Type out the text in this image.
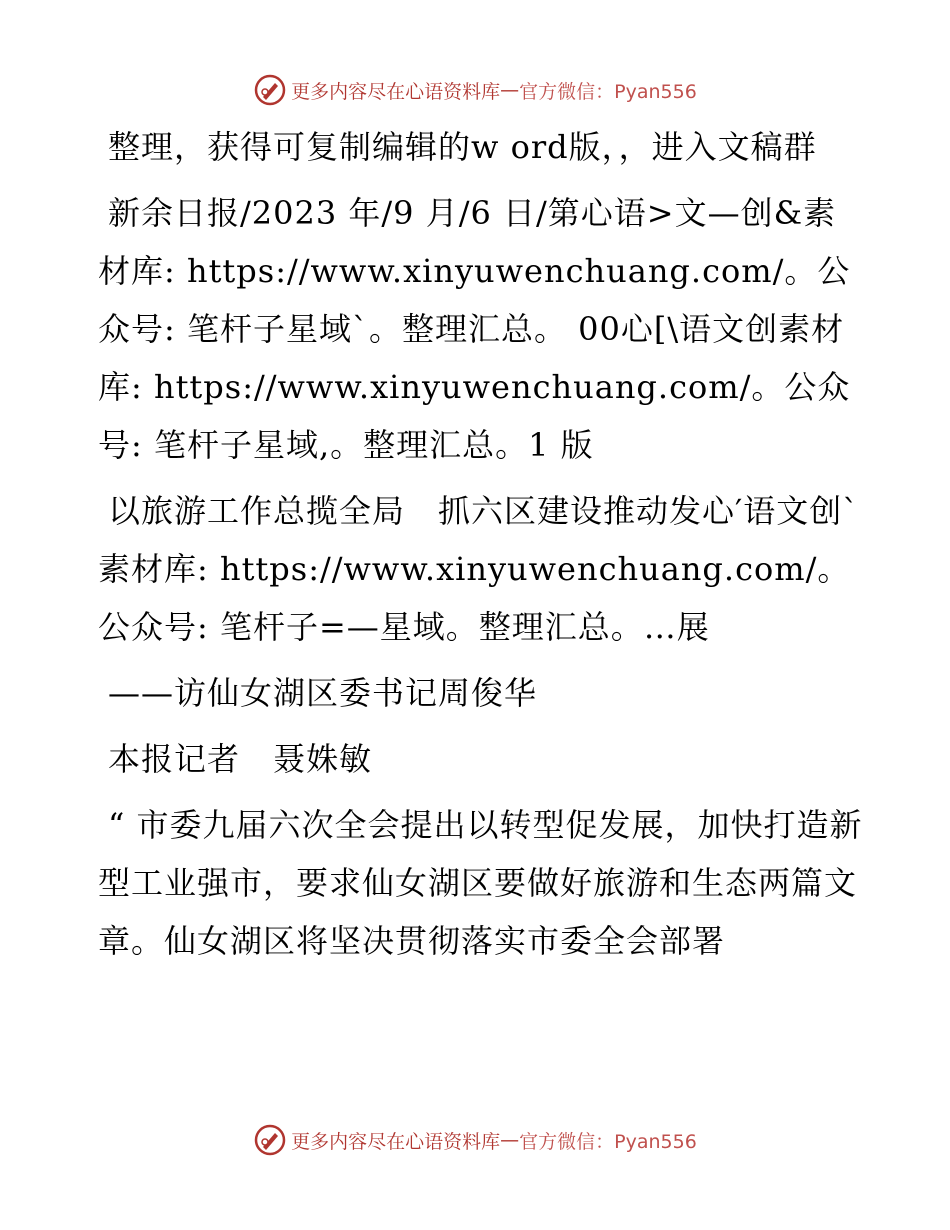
更多内容尽在心语资料库 — 官方微信：Pyan556

整理，获得可复制编辑的w ord版，，进入文稿群

新余日报/2023 年/9 月/6 日/第心语>文—创&素材库: https://www.xinyuwenchuang.com/。公众号: 笔杆子星域`。整理汇总。 00心[\语文创素材库: https://www.xinyuwenchuang.com/。公众号: 笔杆子星域,。整理汇总。1 版

以旅游工作总揽全局　抓六区建设推动发心′语文创`素材库: https://www.xinyuwenchuang.com/。公众号: 笔杆子=—星域。整理汇总。…展

——访仙女湖区委书记周俊华

本报记者　聂姝敏

“ 市委九届六次全会提出以转型促发展，加快打造新型工业强市，要求仙女湖区要做好旅游和生态两篇文章。仙女湖区将坚决贯彻落实市委全会部署

更多内容尽在心语资料库 — 官方微信：Pyan556
